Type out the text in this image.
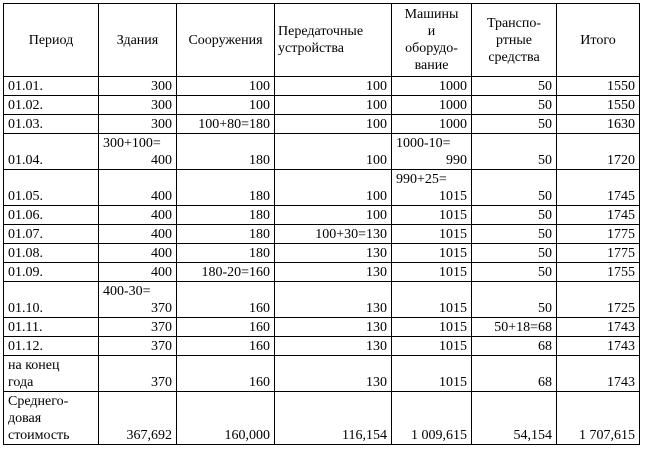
Период	Здания	Сооружения	Передаточные устройства	Машины
и
оборудо-
вание	Транспо-
ртные
средства	Итого

01.01.	300	100	100	1000	50	1550

01.02.	300	100	100	1000	50	1550

01.03.	300	100+80=180	100	1000	50	1630

01.04.	300+100=
400	180	100	1000-10=
990	50	1720

01.05.	400	180	100	990+25=
1015	50	1745

01.06.	400	180	100	1015	50	1745

01.07.	400	180	100+30=130	1015	50	1775

01.08.	400	180	130	1015	50	1775

01.09.	400	180-20=160	130	1015	50	1755

01.10.	400-30=
370	160	130	1015	50	1725

01.11.	370	160	130	1015	50+18=68	1743

01.12.	370	160	130	1015	68	1743

на конец
года	370	160	130	1015	68	1743

Среднего-
довая
стоимость	367,692	160,000	116,154	1 009,615	54,154	1 707,615
